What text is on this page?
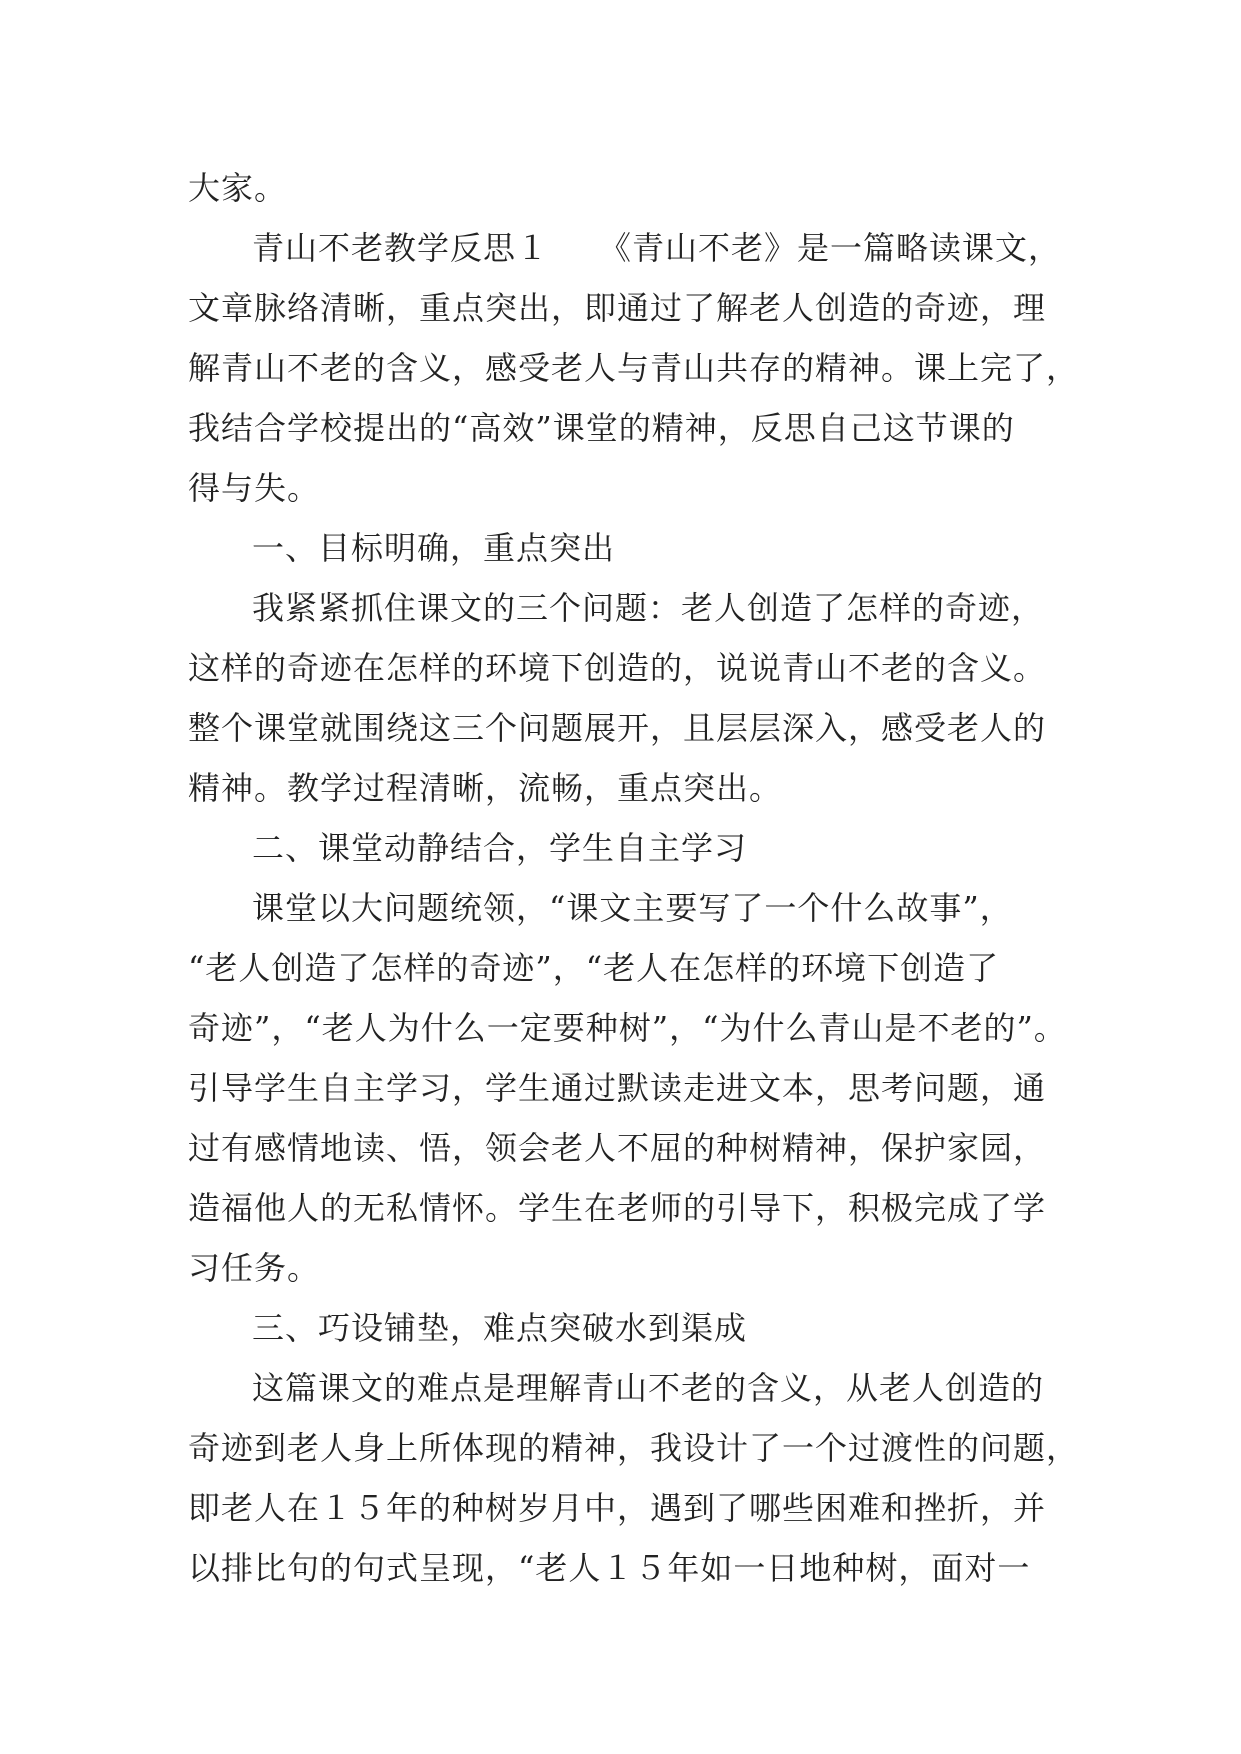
大家。
青山不老教学反思１　　《青山不老》是一篇略读课文，
文章脉络清晰，重点突出，即通过了解老人创造的奇迹，理
解青山不老的含义，感受老人与青山共存的精神。课上完了，
我结合学校提出的“高效”课堂的精神，反思自己这节课的
得与失。
一、目标明确，重点突出
我紧紧抓住课文的三个问题：老人创造了怎样的奇迹，
这样的奇迹在怎样的环境下创造的，说说青山不老的含义。
整个课堂就围绕这三个问题展开，且层层深入，感受老人的
精神。教学过程清晰，流畅，重点突出。
二、课堂动静结合，学生自主学习
课堂以大问题统领，“课文主要写了一个什么故事”，
“老人创造了怎样的奇迹”，“老人在怎样的环境下创造了
奇迹”，“老人为什么一定要种树”，“为什么青山是不老的”。
引导学生自主学习，学生通过默读走进文本，思考问题，通
过有感情地读、悟，领会老人不屈的种树精神，保护家园，
造福他人的无私情怀。学生在老师的引导下，积极完成了学
习任务。
三、巧设铺垫，难点突破水到渠成
这篇课文的难点是理解青山不老的含义，从老人创造的
奇迹到老人身上所体现的精神，我设计了一个过渡性的问题，
即老人在１５年的种树岁月中，遇到了哪些困难和挫折，并
以排比句的句式呈现，“老人１５年如一日地种树，面对一
